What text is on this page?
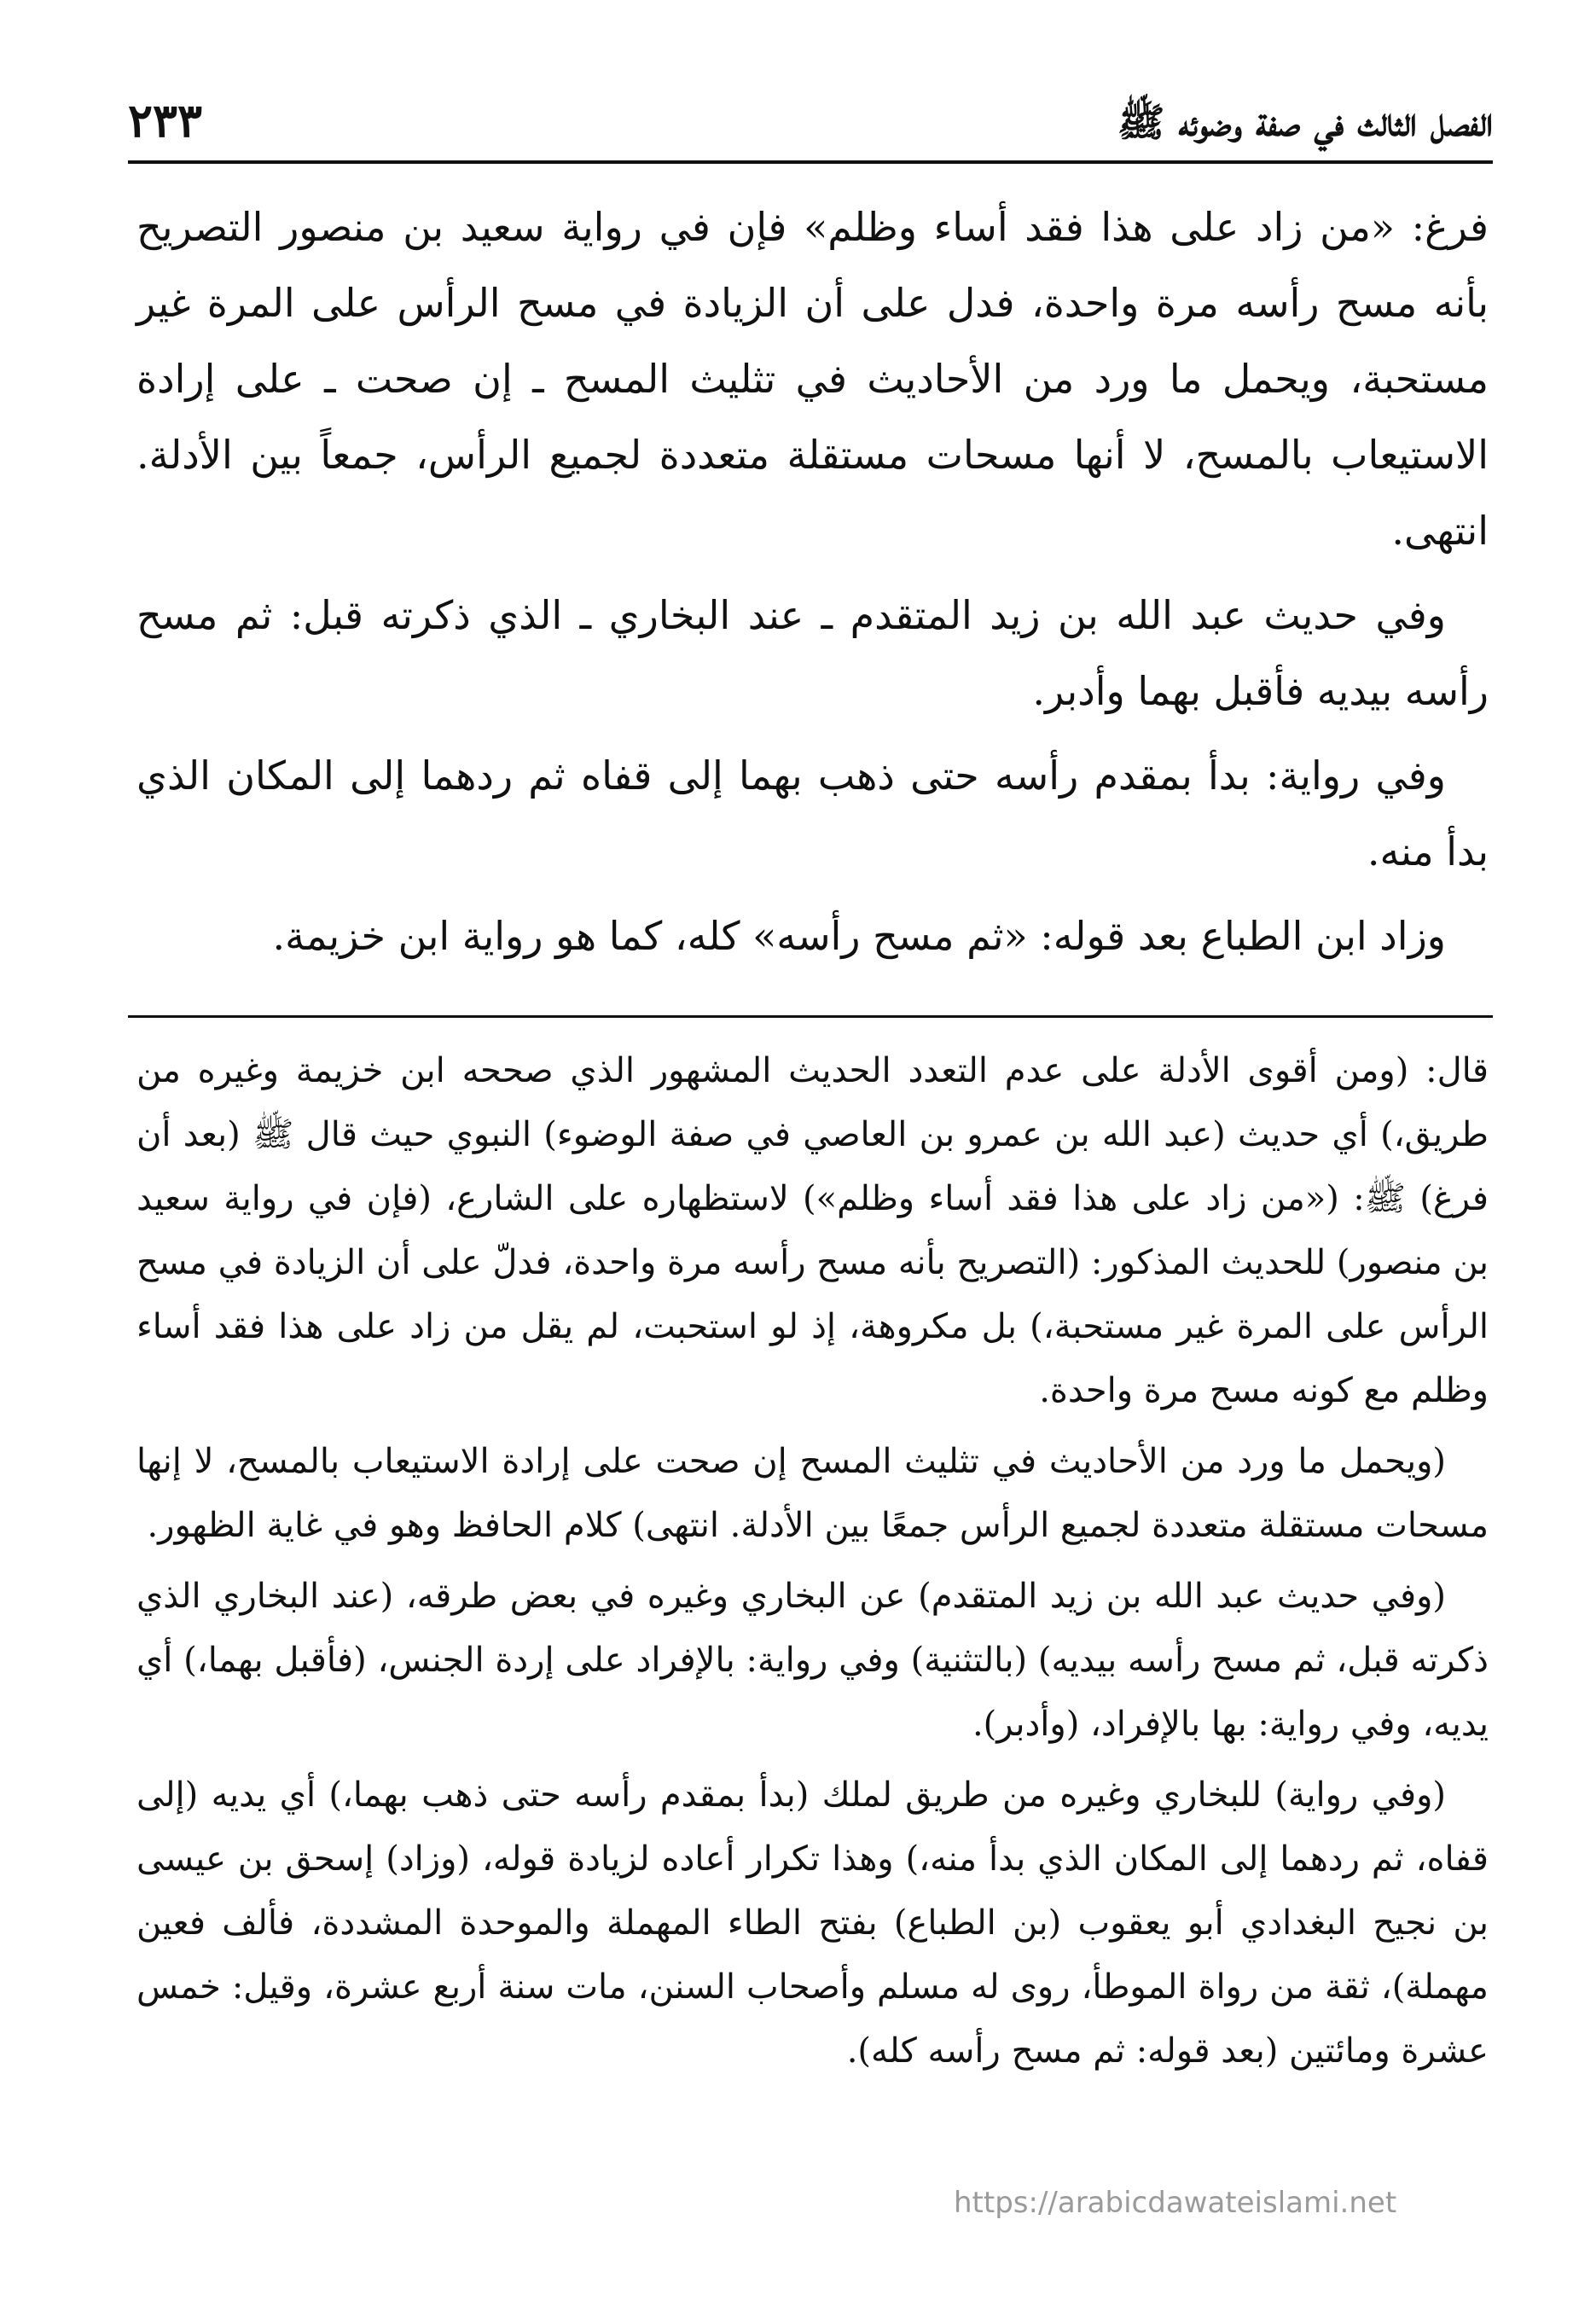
الفصل الثالث في صفة وضوئه ﷺ
٢٣٣

فرغ: «من زاد على هذا فقد أساء وظلم» فإن في رواية سعيد بن منصور التصريح بأنه مسح رأسه مرة واحدة، فدل على أن الزيادة في مسح الرأس على المرة غير مستحبة، ويحمل ما ورد من الأحاديث في تثليث المسح ـ إن صحت ـ على إرادة الاستيعاب بالمسح، لا أنها مسحات مستقلة متعددة لجميع الرأس، جمعاً بين الأدلة. انتهى.

وفي حديث عبد الله بن زيد المتقدم ـ عند البخاري ـ الذي ذكرته قبل: ثم مسح رأسه بيديه فأقبل بهما وأدبر.

وفي رواية: بدأ بمقدم رأسه حتى ذهب بهما إلى قفاه ثم ردهما إلى المكان الذي بدأ منه.

وزاد ابن الطباع بعد قوله: «ثم مسح رأسه» كله، كما هو رواية ابن خزيمة.

قال: (ومن أقوى الأدلة على عدم التعدد الحديث المشهور الذي صححه ابن خزيمة وغيره من طريق،) أي حديث (عبد الله بن عمرو بن العاصي في صفة الوضوء) النبوي حيث قال ﷺ (بعد أن فرغ) ﷺ: («من زاد على هذا فقد أساء وظلم») لاستظهاره على الشارع، (فإن في رواية سعيد بن منصور) للحديث المذكور: (التصريح بأنه مسح رأسه مرة واحدة، فدلّ على أن الزيادة في مسح الرأس على المرة غير مستحبة،) بل مكروهة، إذ لو استحبت، لم يقل من زاد على هذا فقد أساء وظلم مع كونه مسح مرة واحدة.

(ويحمل ما ورد من الأحاديث في تثليث المسح إن صحت على إرادة الاستيعاب بالمسح، لا إنها مسحات مستقلة متعددة لجميع الرأس جمعًا بين الأدلة. انتهى) كلام الحافظ وهو في غاية الظهور.

(وفي حديث عبد الله بن زيد المتقدم) عن البخاري وغيره في بعض طرقه، (عند البخاري الذي ذكرته قبل، ثم مسح رأسه بيديه) (بالتثنية) وفي رواية: بالإفراد على إردة الجنس، (فأقبل بهما،) أي يديه، وفي رواية: بها بالإفراد، (وأدبر).

(وفي رواية) للبخاري وغيره من طريق لملك (بدأ بمقدم رأسه حتى ذهب بهما،) أي يديه (إلى قفاه، ثم ردهما إلى المكان الذي بدأ منه،) وهذا تكرار أعاده لزيادة قوله، (وزاد) إسحق بن عيسى بن نجيح البغدادي أبو يعقوب (بن الطباع) بفتح الطاء المهملة والموحدة المشددة، فألف فعين مهملة)، ثقة من رواة الموطأ، روى له مسلم وأصحاب السنن، مات سنة أربع عشرة، وقيل: خمس عشرة ومائتين (بعد قوله: ثم مسح رأسه كله).

https://arabicdawateislami.net
